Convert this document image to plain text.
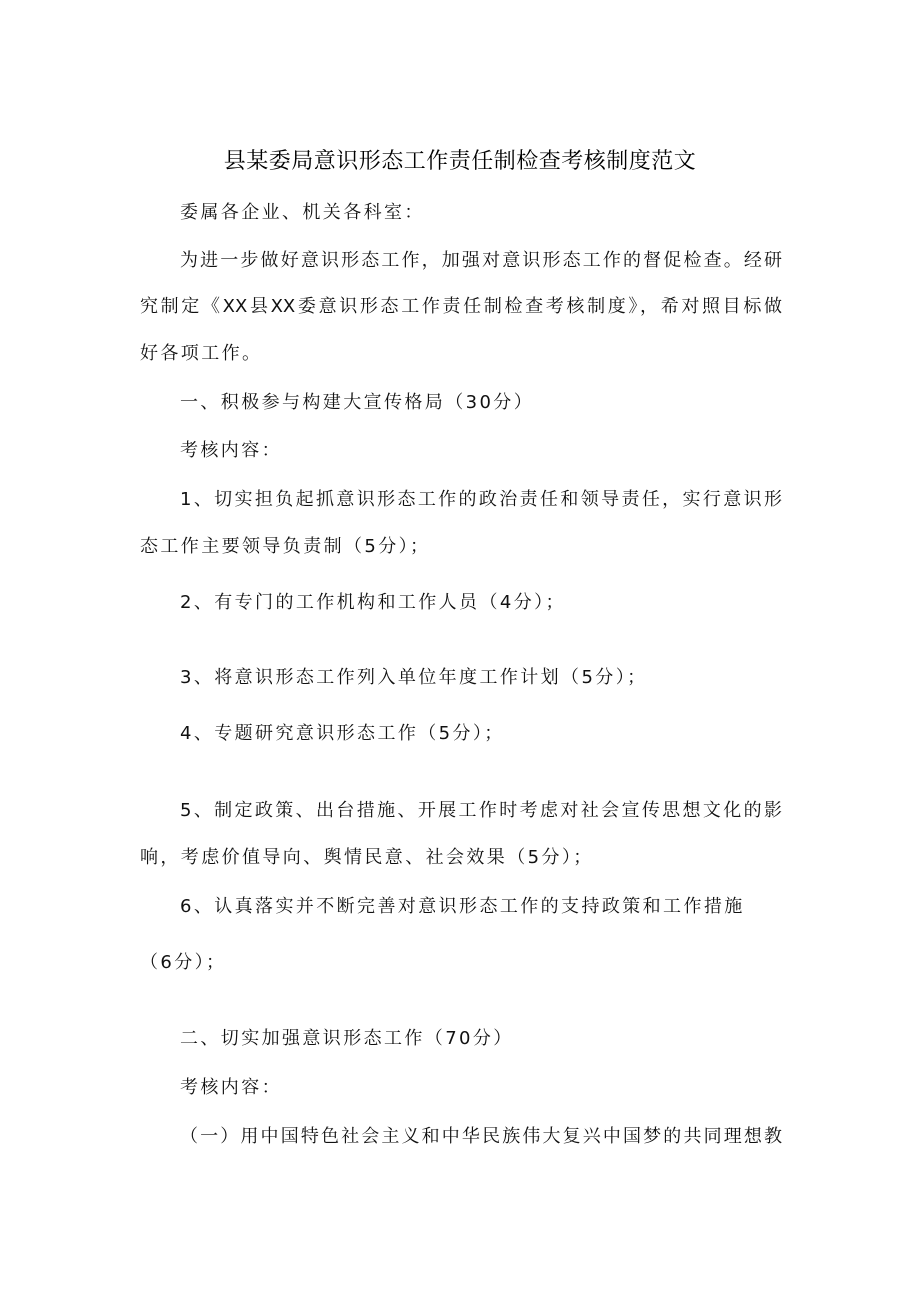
县某委局意识形态工作责任制检查考核制度范文
委属各企业、机关各科室：
为进一步做好意识形态工作，加强对意识形态工作的督促检查。经研
究制定《XX县XX委意识形态工作责任制检查考核制度》，希对照目标做
好各项工作。
一、积极参与构建大宣传格局（30分）
考核内容：
1、切实担负起抓意识形态工作的政治责任和领导责任，实行意识形
态工作主要领导负责制（5分）；
2、有专门的工作机构和工作人员（4分）；
3、将意识形态工作列入单位年度工作计划（5分）；
4、专题研究意识形态工作（5分）；
5、制定政策、出台措施、开展工作时考虑对社会宣传思想文化的影
响，考虑价值导向、舆情民意、社会效果（5分）；
6、认真落实并不断完善对意识形态工作的支持政策和工作措施
（6分）；
二、切实加强意识形态工作（70分）
考核内容：
（一）用中国特色社会主义和中华民族伟大复兴中国梦的共同理想教
